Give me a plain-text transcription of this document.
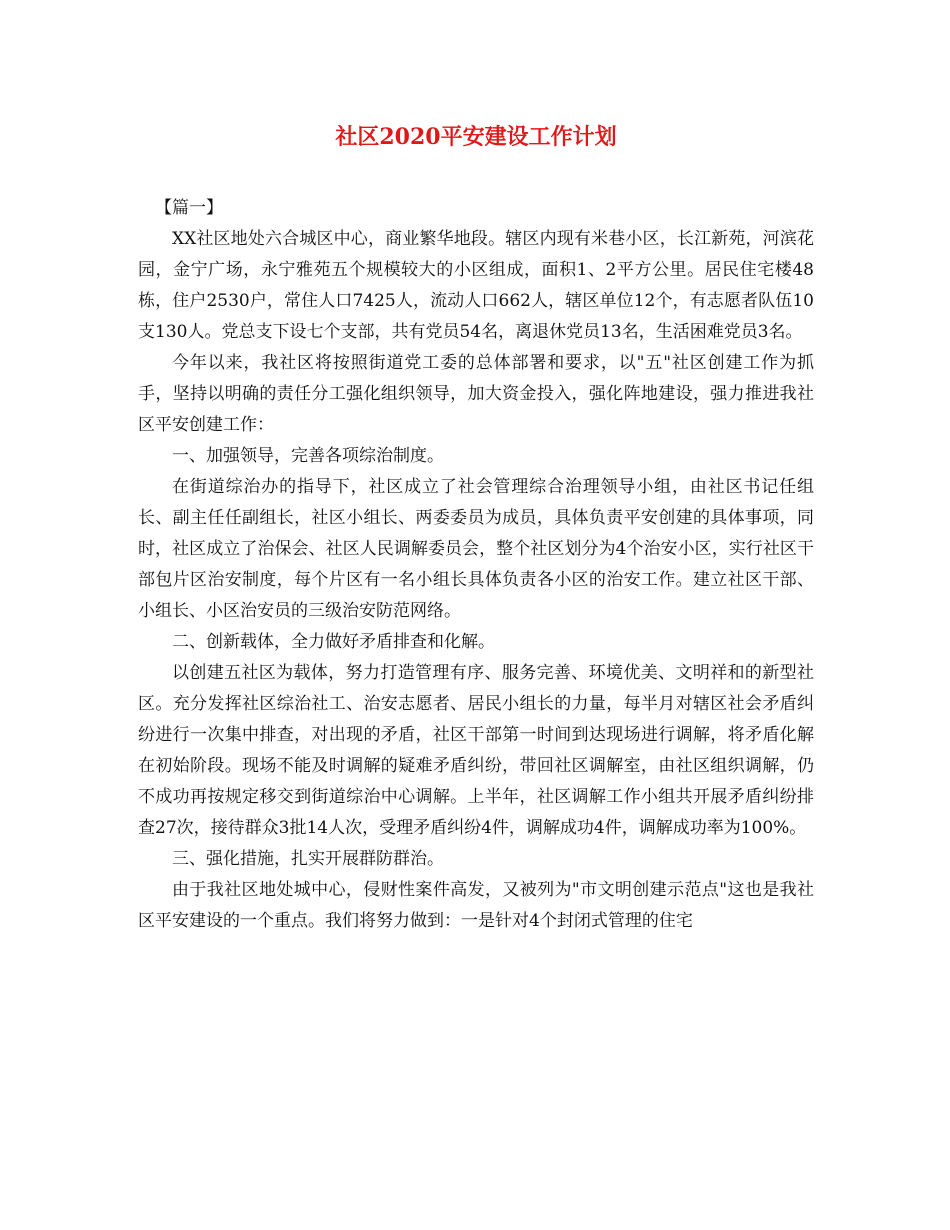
社区2020平安建设工作计划

【篇一】

XX社区地处六合城区中心，商业繁华地段。辖区内现有米巷小区，长江新苑，河滨花园，金宁广场，永宁雅苑五个规模较大的小区组成，面积1、2平方公里。居民住宅楼48栋，住户2530户，常住人口7425人，流动人口662人，辖区单位12个，有志愿者队伍10支130人。党总支下设七个支部，共有党员54名，离退休党员13名，生活困难党员3名。

今年以来，我社区将按照街道党工委的总体部署和要求，以"五"社区创建工作为抓手，坚持以明确的责任分工强化组织领导，加大资金投入，强化阵地建设，强力推进我社区平安创建工作：

一、加强领导，完善各项综治制度。

在街道综治办的指导下，社区成立了社会管理综合治理领导小组，由社区书记任组长、副主任任副组长，社区小组长、两委委员为成员，具体负责平安创建的具体事项，同时，社区成立了治保会、社区人民调解委员会，整个社区划分为4个治安小区，实行社区干部包片区治安制度，每个片区有一名小组长具体负责各小区的治安工作。建立社区干部、小组长、小区治安员的三级治安防范网络。

二、创新载体，全力做好矛盾排查和化解。

以创建五社区为载体，努力打造管理有序、服务完善、环境优美、文明祥和的新型社区。充分发挥社区综治社工、治安志愿者、居民小组长的力量，每半月对辖区社会矛盾纠纷进行一次集中排查，对出现的矛盾，社区干部第一时间到达现场进行调解，将矛盾化解在初始阶段。现场不能及时调解的疑难矛盾纠纷，带回社区调解室，由社区组织调解，仍不成功再按规定移交到街道综治中心调解。上半年，社区调解工作小组共开展矛盾纠纷排查27次，接待群众3批14人次，受理矛盾纠纷4件，调解成功4件，调解成功率为100%。

三、强化措施，扎实开展群防群治。

由于我社区地处城中心，侵财性案件高发，又被列为"市文明创建示范点"这也是我社区平安建设的一个重点。我们将努力做到：一是针对4个封闭式管理的住宅
